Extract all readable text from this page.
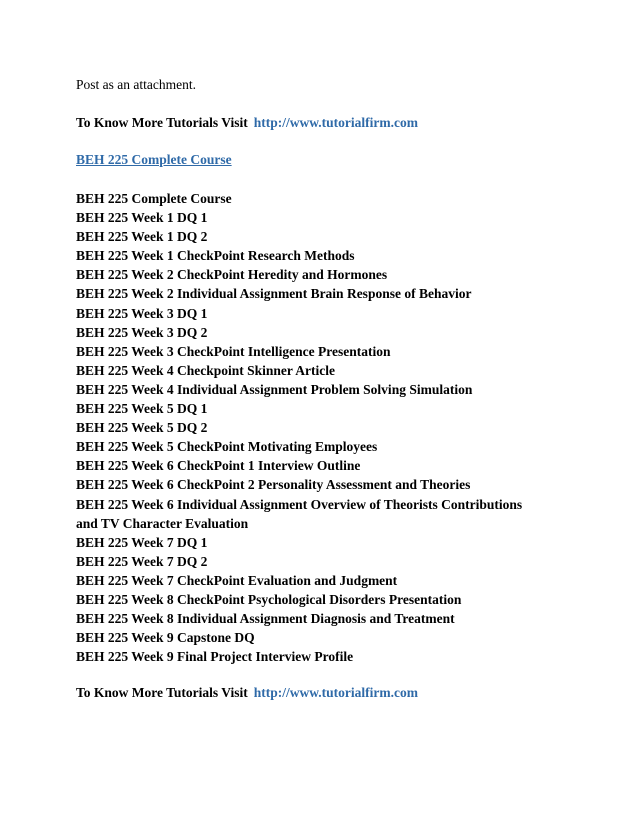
Post as an attachment.

To Know More Tutorials Visit http://www.tutorialfirm.com

BEH 225 Complete Course
BEH 225 Complete Course
BEH 225 Week 1 DQ 1
BEH 225 Week 1 DQ 2
BEH 225 Week 1 CheckPoint Research Methods
BEH 225 Week 2 CheckPoint Heredity and Hormones
BEH 225 Week 2 Individual Assignment Brain Response of Behavior
BEH 225 Week 3 DQ 1
BEH 225 Week 3 DQ 2
BEH 225 Week 3 CheckPoint Intelligence Presentation
BEH 225 Week 4 Checkpoint Skinner Article
BEH 225 Week 4 Individual Assignment Problem Solving Simulation
BEH 225 Week 5 DQ 1
BEH 225 Week 5 DQ 2
BEH 225 Week 5 CheckPoint Motivating Employees
BEH 225 Week 6 CheckPoint 1 Interview Outline
BEH 225 Week 6 CheckPoint 2 Personality Assessment and Theories
BEH 225 Week 6 Individual Assignment Overview of Theorists Contributions
and TV Character Evaluation
BEH 225 Week 7 DQ 1
BEH 225 Week 7 DQ 2
BEH 225 Week 7 CheckPoint Evaluation and Judgment
BEH 225 Week 8 CheckPoint Psychological Disorders Presentation
BEH 225 Week 8 Individual Assignment Diagnosis and Treatment
BEH 225 Week 9 Capstone DQ
BEH 225 Week 9 Final Project Interview Profile

To Know More Tutorials Visit http://www.tutorialfirm.com
